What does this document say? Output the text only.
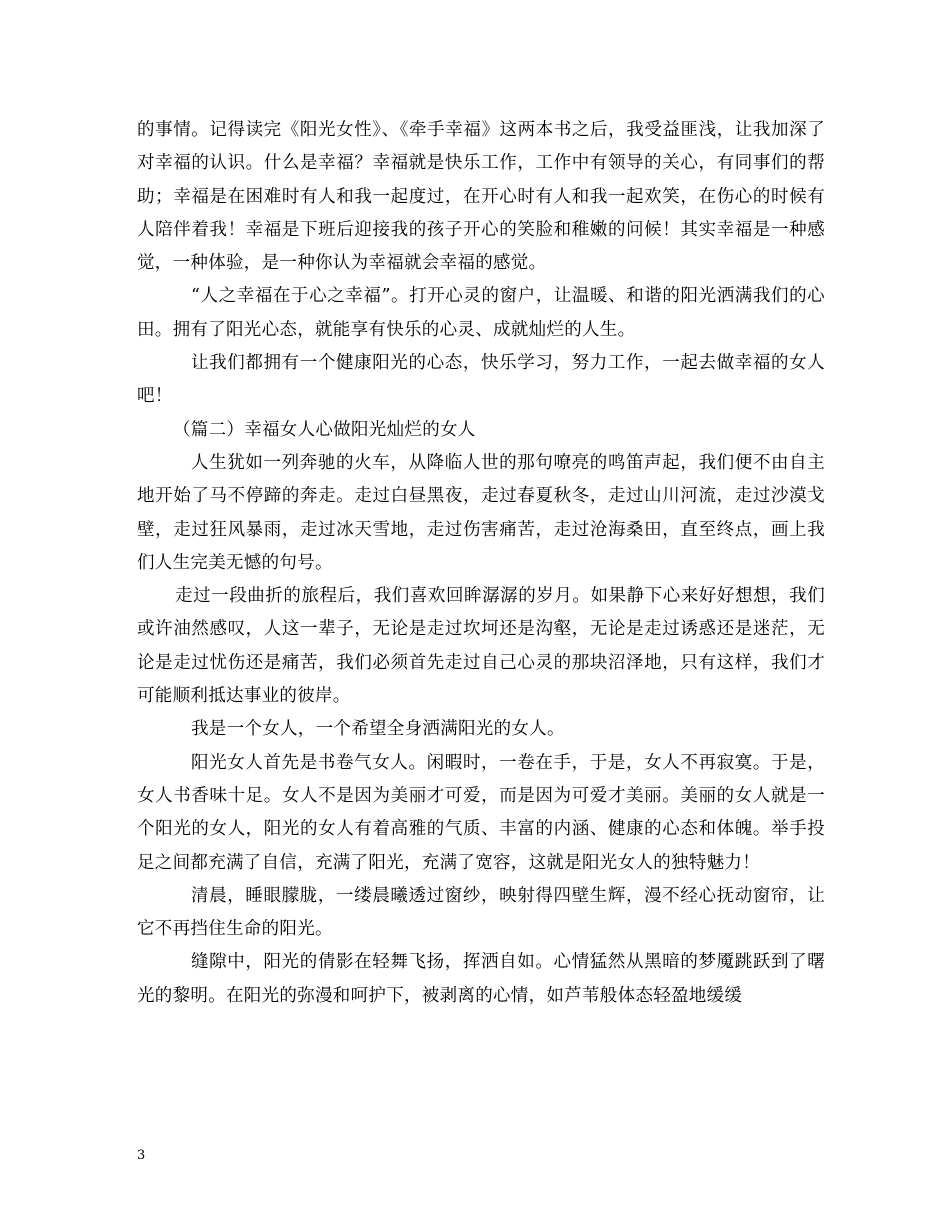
的事情。记得读完《阳光女性》、《牵手幸福》这两本书之后，我受益匪浅，让我加深了对幸福的认识。什么是幸福？幸福就是快乐工作，工作中有领导的关心，有同事们的帮助；幸福是在困难时有人和我一起度过，在开心时有人和我一起欢笑，在伤心的时候有人陪伴着我！幸福是下班后迎接我的孩子开心的笑脸和稚嫩的问候！其实幸福是一种感觉，一种体验，是一种你认为幸福就会幸福的感觉。

“人之幸福在于心之幸福”。打开心灵的窗户，让温暖、和谐的阳光洒满我们的心田。拥有了阳光心态，就能享有快乐的心灵、成就灿烂的人生。

让我们都拥有一个健康阳光的心态，快乐学习，努力工作，一起去做幸福的女人吧！

（篇二）幸福女人心做阳光灿烂的女人

人生犹如一列奔驰的火车，从降临人世的那句嘹亮的鸣笛声起，我们便不由自主地开始了马不停蹄的奔走。走过白昼黑夜，走过春夏秋冬，走过山川河流，走过沙漠戈壁，走过狂风暴雨，走过冰天雪地，走过伤害痛苦，走过沧海桑田，直至终点，画上我们人生完美无憾的句号。

走过一段曲折的旅程后，我们喜欢回眸潺潺的岁月。如果静下心来好好想想，我们或许油然感叹，人这一辈子，无论是走过坎坷还是沟壑，无论是走过诱惑还是迷茫，无论是走过忧伤还是痛苦，我们必须首先走过自己心灵的那块沼泽地，只有这样，我们才可能顺利抵达事业的彼岸。

我是一个女人，一个希望全身洒满阳光的女人。

阳光女人首先是书卷气女人。闲暇时，一卷在手，于是，女人不再寂寞。于是，女人书香味十足。女人不是因为美丽才可爱，而是因为可爱才美丽。美丽的女人就是一个阳光的女人，阳光的女人有着高雅的气质、丰富的内涵、健康的心态和体魄。举手投足之间都充满了自信，充满了阳光，充满了宽容，这就是阳光女人的独特魅力！

清晨，睡眼朦胧，一缕晨曦透过窗纱，映射得四壁生辉，漫不经心抚动窗帘，让它不再挡住生命的阳光。

缝隙中，阳光的倩影在轻舞飞扬，挥洒自如。心情猛然从黑暗的梦魇跳跃到了曙光的黎明。在阳光的弥漫和呵护下，被剥离的心情，如芦苇般体态轻盈地缓缓

3
